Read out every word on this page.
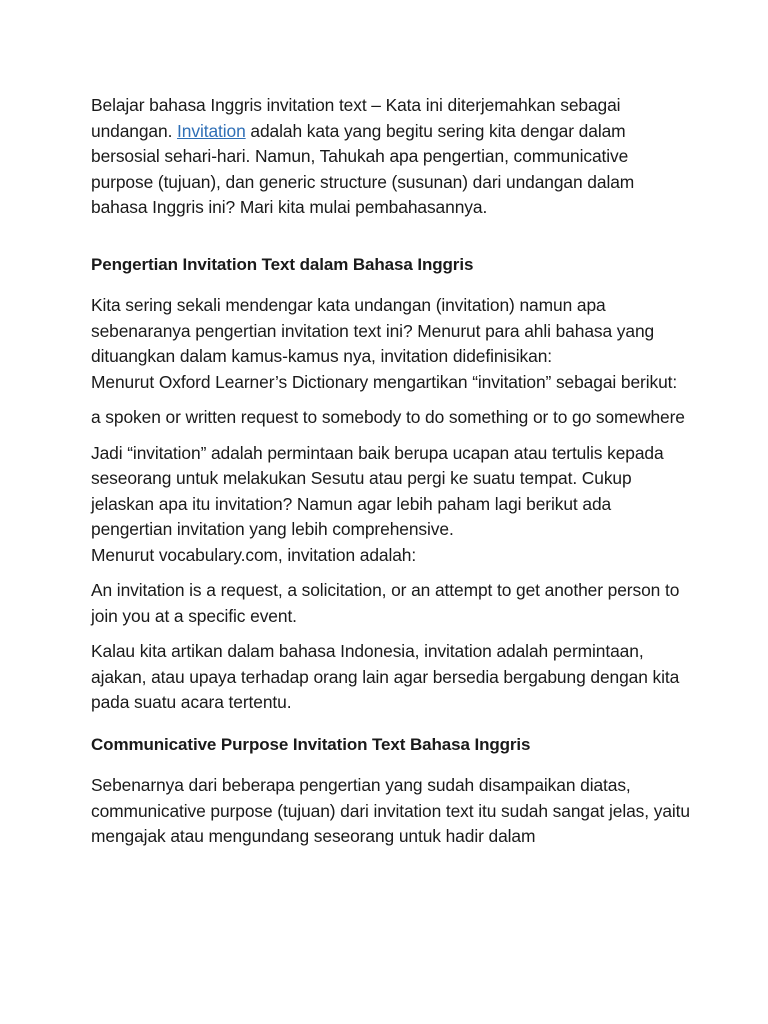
Belajar bahasa Inggris invitation text – Kata ini diterjemahkan sebagai undangan. Invitation adalah kata yang begitu sering kita dengar dalam bersosial sehari-hari. Namun, Tahukah apa pengertian, communicative purpose (tujuan), dan generic structure (susunan) dari undangan dalam bahasa Inggris ini? Mari kita mulai pembahasannya.

Pengertian Invitation Text dalam Bahasa Inggris

Kita sering sekali mendengar kata undangan (invitation) namun apa sebenaranya pengertian invitation text ini? Menurut para ahli bahasa yang dituangkan dalam kamus-kamus nya, invitation didefinisikan:
Menurut Oxford Learner’s Dictionary mengartikan “invitation” sebagai berikut:

a spoken or written request to somebody to do something or to go somewhere

Jadi “invitation” adalah permintaan baik berupa ucapan atau tertulis kepada seseorang untuk melakukan Sesutu atau pergi ke suatu tempat. Cukup jelaskan apa itu invitation? Namun agar lebih paham lagi berikut ada pengertian invitation yang lebih comprehensive.
Menurut vocabulary.com, invitation adalah:

An invitation is a request, a solicitation, or an attempt to get another person to join you at a specific event.

Kalau kita artikan dalam bahasa Indonesia, invitation adalah permintaan, ajakan, atau upaya terhadap orang lain agar bersedia bergabung dengan kita pada suatu acara tertentu.

Communicative Purpose Invitation Text Bahasa Inggris

Sebenarnya dari beberapa pengertian yang sudah disampaikan diatas, communicative purpose (tujuan) dari invitation text itu sudah sangat jelas, yaitu mengajak atau mengundang seseorang untuk hadir dalam
